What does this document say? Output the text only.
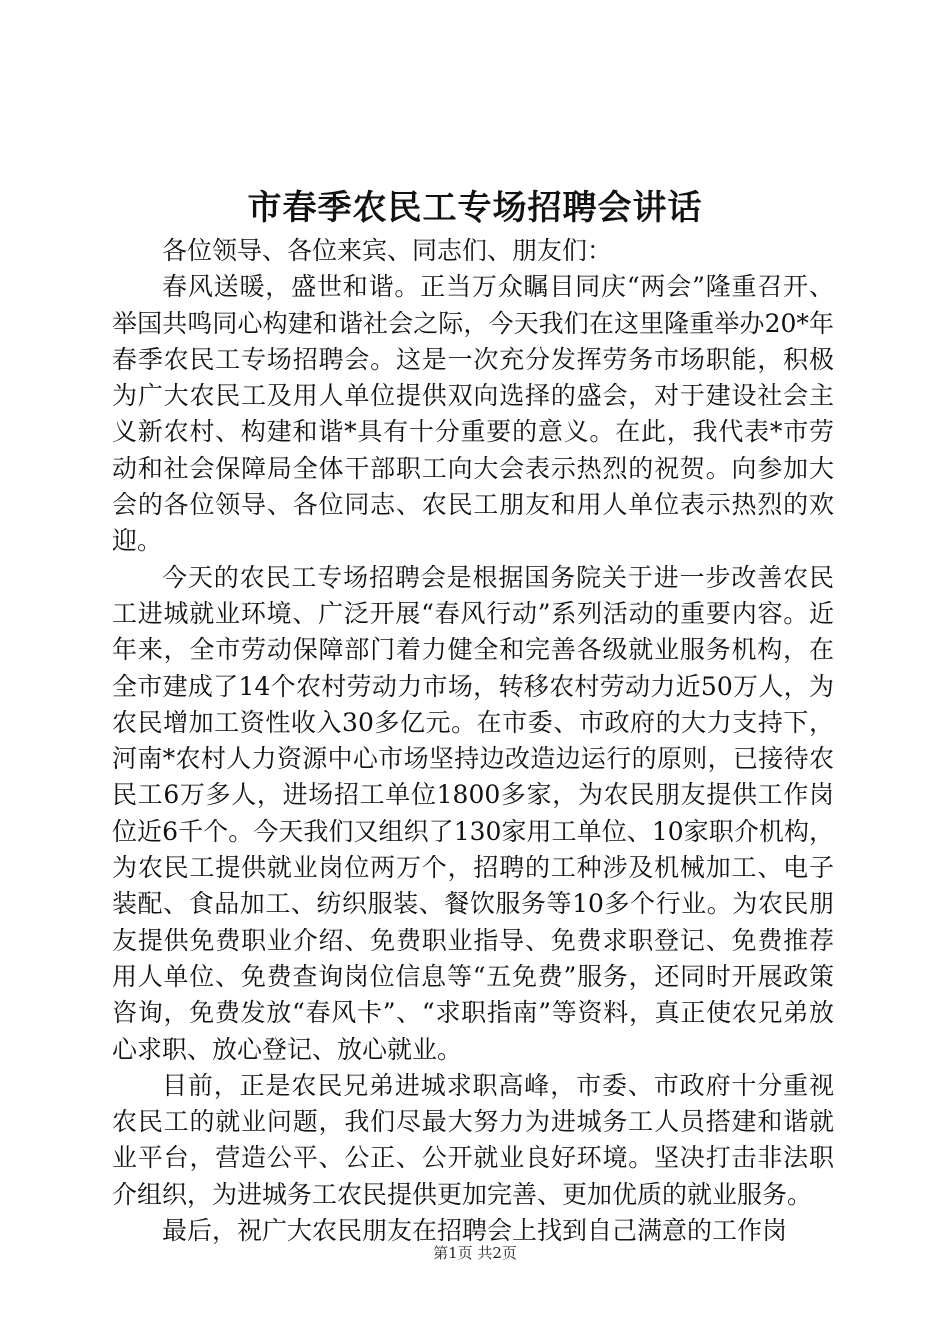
市春季农民工专场招聘会讲话

各位领导、各位来宾、同志们、朋友们：

春风送暖，盛世和谐。正当万众瞩目同庆“两会”隆重召开、举国共鸣同心构建和谐社会之际，今天我们在这里隆重举办20*年春季农民工专场招聘会。这是一次充分发挥劳务市场职能，积极为广大农民工及用人单位提供双向选择的盛会，对于建设社会主义新农村、构建和谐*具有十分重要的意义。在此，我代表*市劳动和社会保障局全体干部职工向大会表示热烈的祝贺。向参加大会的各位领导、各位同志、农民工朋友和用人单位表示热烈的欢迎。

今天的农民工专场招聘会是根据国务院关于进一步改善农民工进城就业环境、广泛开展“春风行动”系列活动的重要内容。近年来，全市劳动保障部门着力健全和完善各级就业服务机构，在全市建成了14个农村劳动力市场，转移农村劳动力近50万人，为农民增加工资性收入30多亿元。在市委、市政府的大力支持下，河南*农村人力资源中心市场坚持边改造边运行的原则，已接待农民工6万多人，进场招工单位1800多家，为农民朋友提供工作岗位近6千个。今天我们又组织了130家用工单位、10家职介机构，为农民工提供就业岗位两万个，招聘的工种涉及机械加工、电子装配、食品加工、纺织服装、餐饮服务等10多个行业。为农民朋友提供免费职业介绍、免费职业指导、免费求职登记、免费推荐用人单位、免费查询岗位信息等“五免费”服务，还同时开展政策咨询，免费发放“春风卡”、“求职指南”等资料，真正使农兄弟放心求职、放心登记、放心就业。

目前，正是农民兄弟进城求职高峰，市委、市政府十分重视农民工的就业问题，我们尽最大努力为进城务工人员搭建和谐就业平台，营造公平、公正、公开就业良好环境。坚决打击非法职介组织，为进城务工农民提供更加完善、更加优质的就业服务。

最后，祝广大农民朋友在招聘会上找到自己满意的工作岗

第1页 共2页
